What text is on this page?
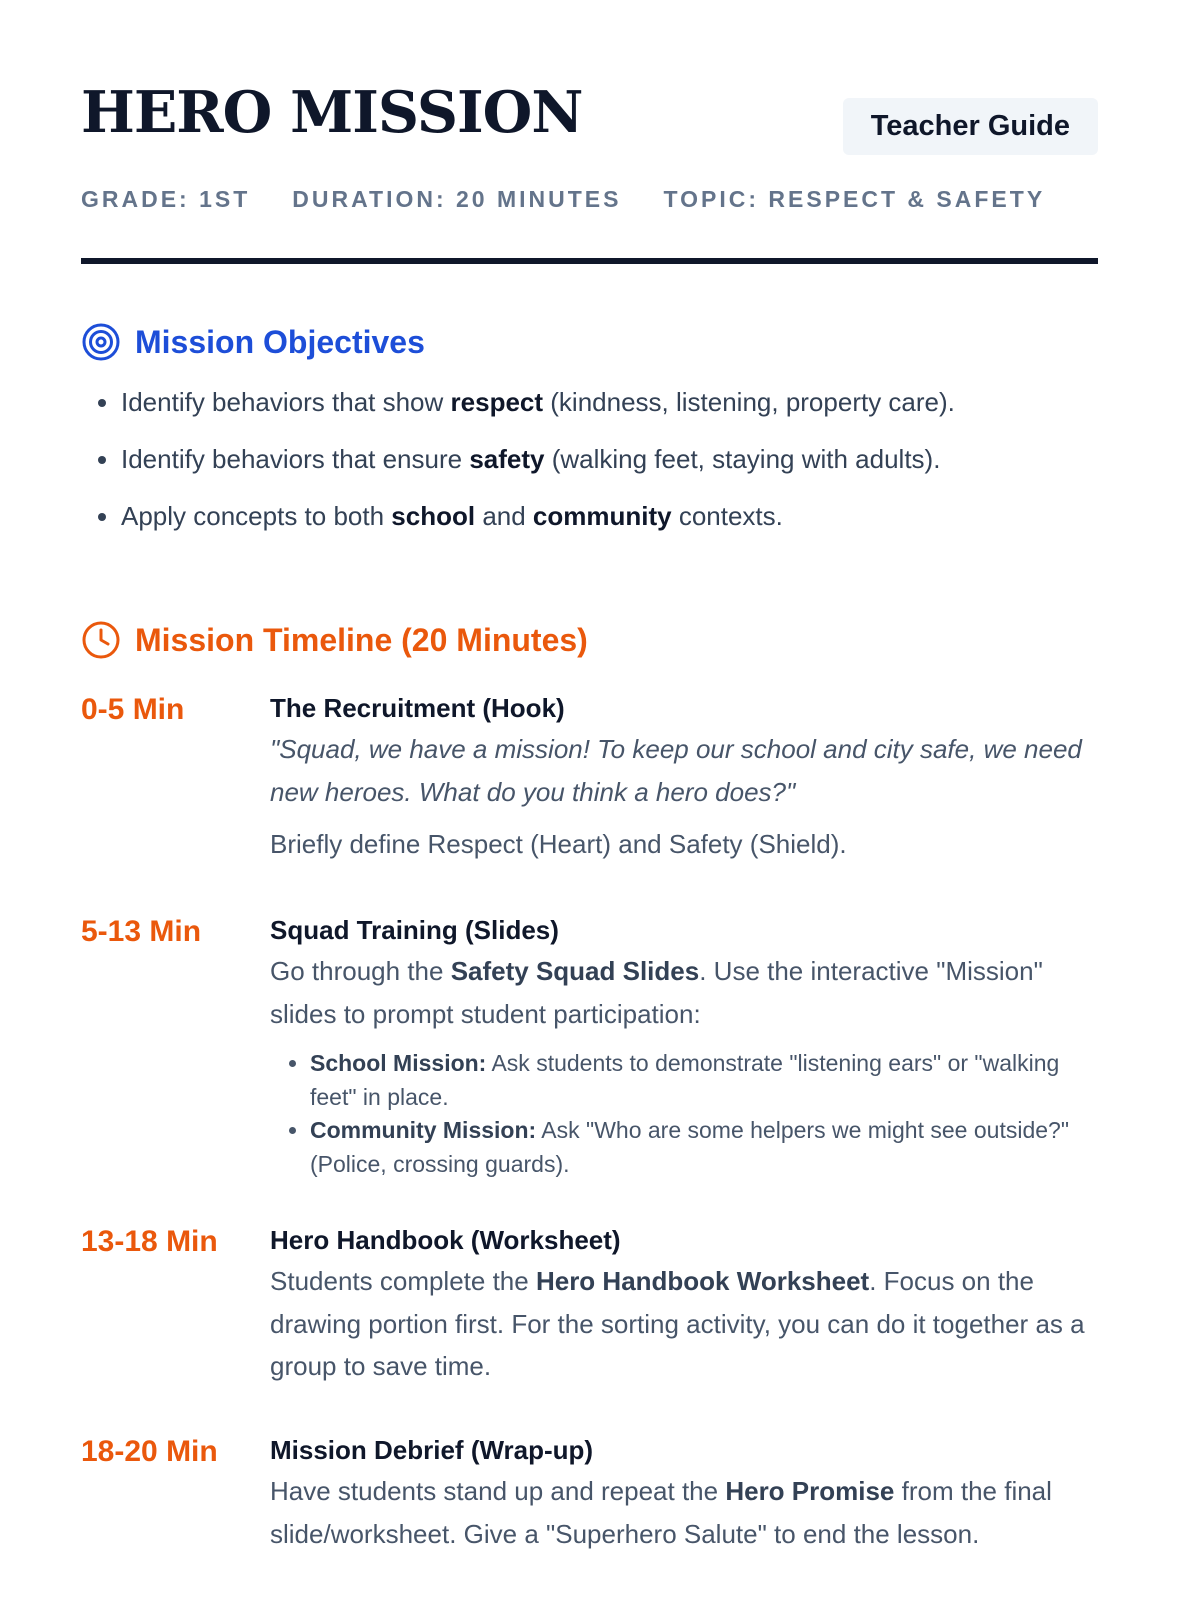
HERO MISSION	Teacher Guide
GRADE: 1ST DURATION: 20 MINUTES TOPIC: RESPECT & SAFETY
Mission Objectives
• Identify behaviors that show respect (kindness, listening, property care).
• Identify behaviors that ensure safety (walking feet, staying with adults).
• Apply concepts to both school and community contexts.
Mission Timeline (20 Minutes)
0-5 Min	The Recruitment (Hook)

"Squad, we have a mission! To keep our school and city safe, we need new heroes. What do you think a hero does?"

Briefly define Respect (Heart) and Safety (Shield).

5-13 Min	Squad Training (Slides)

Go through the Safety Squad Slides. Use the interactive "Mission" slides to prompt student participation:

• School Mission: Ask students to demonstrate "listening ears" or "walking feet" in place.
• Community Mission: Ask "Who are some helpers we might see outside?" (Police, crossing guards).
13-18 Min	Hero Handbook (Worksheet)

Students complete the Hero Handbook Worksheet. Focus on the drawing portion first. For the sorting activity, you can do it together as a group to save time.

18-20 Min	Mission Debrief (Wrap-up)

Have students stand up and repeat the Hero Promise from the final slide/worksheet. Give a "Superhero Salute" to end the lesson.
